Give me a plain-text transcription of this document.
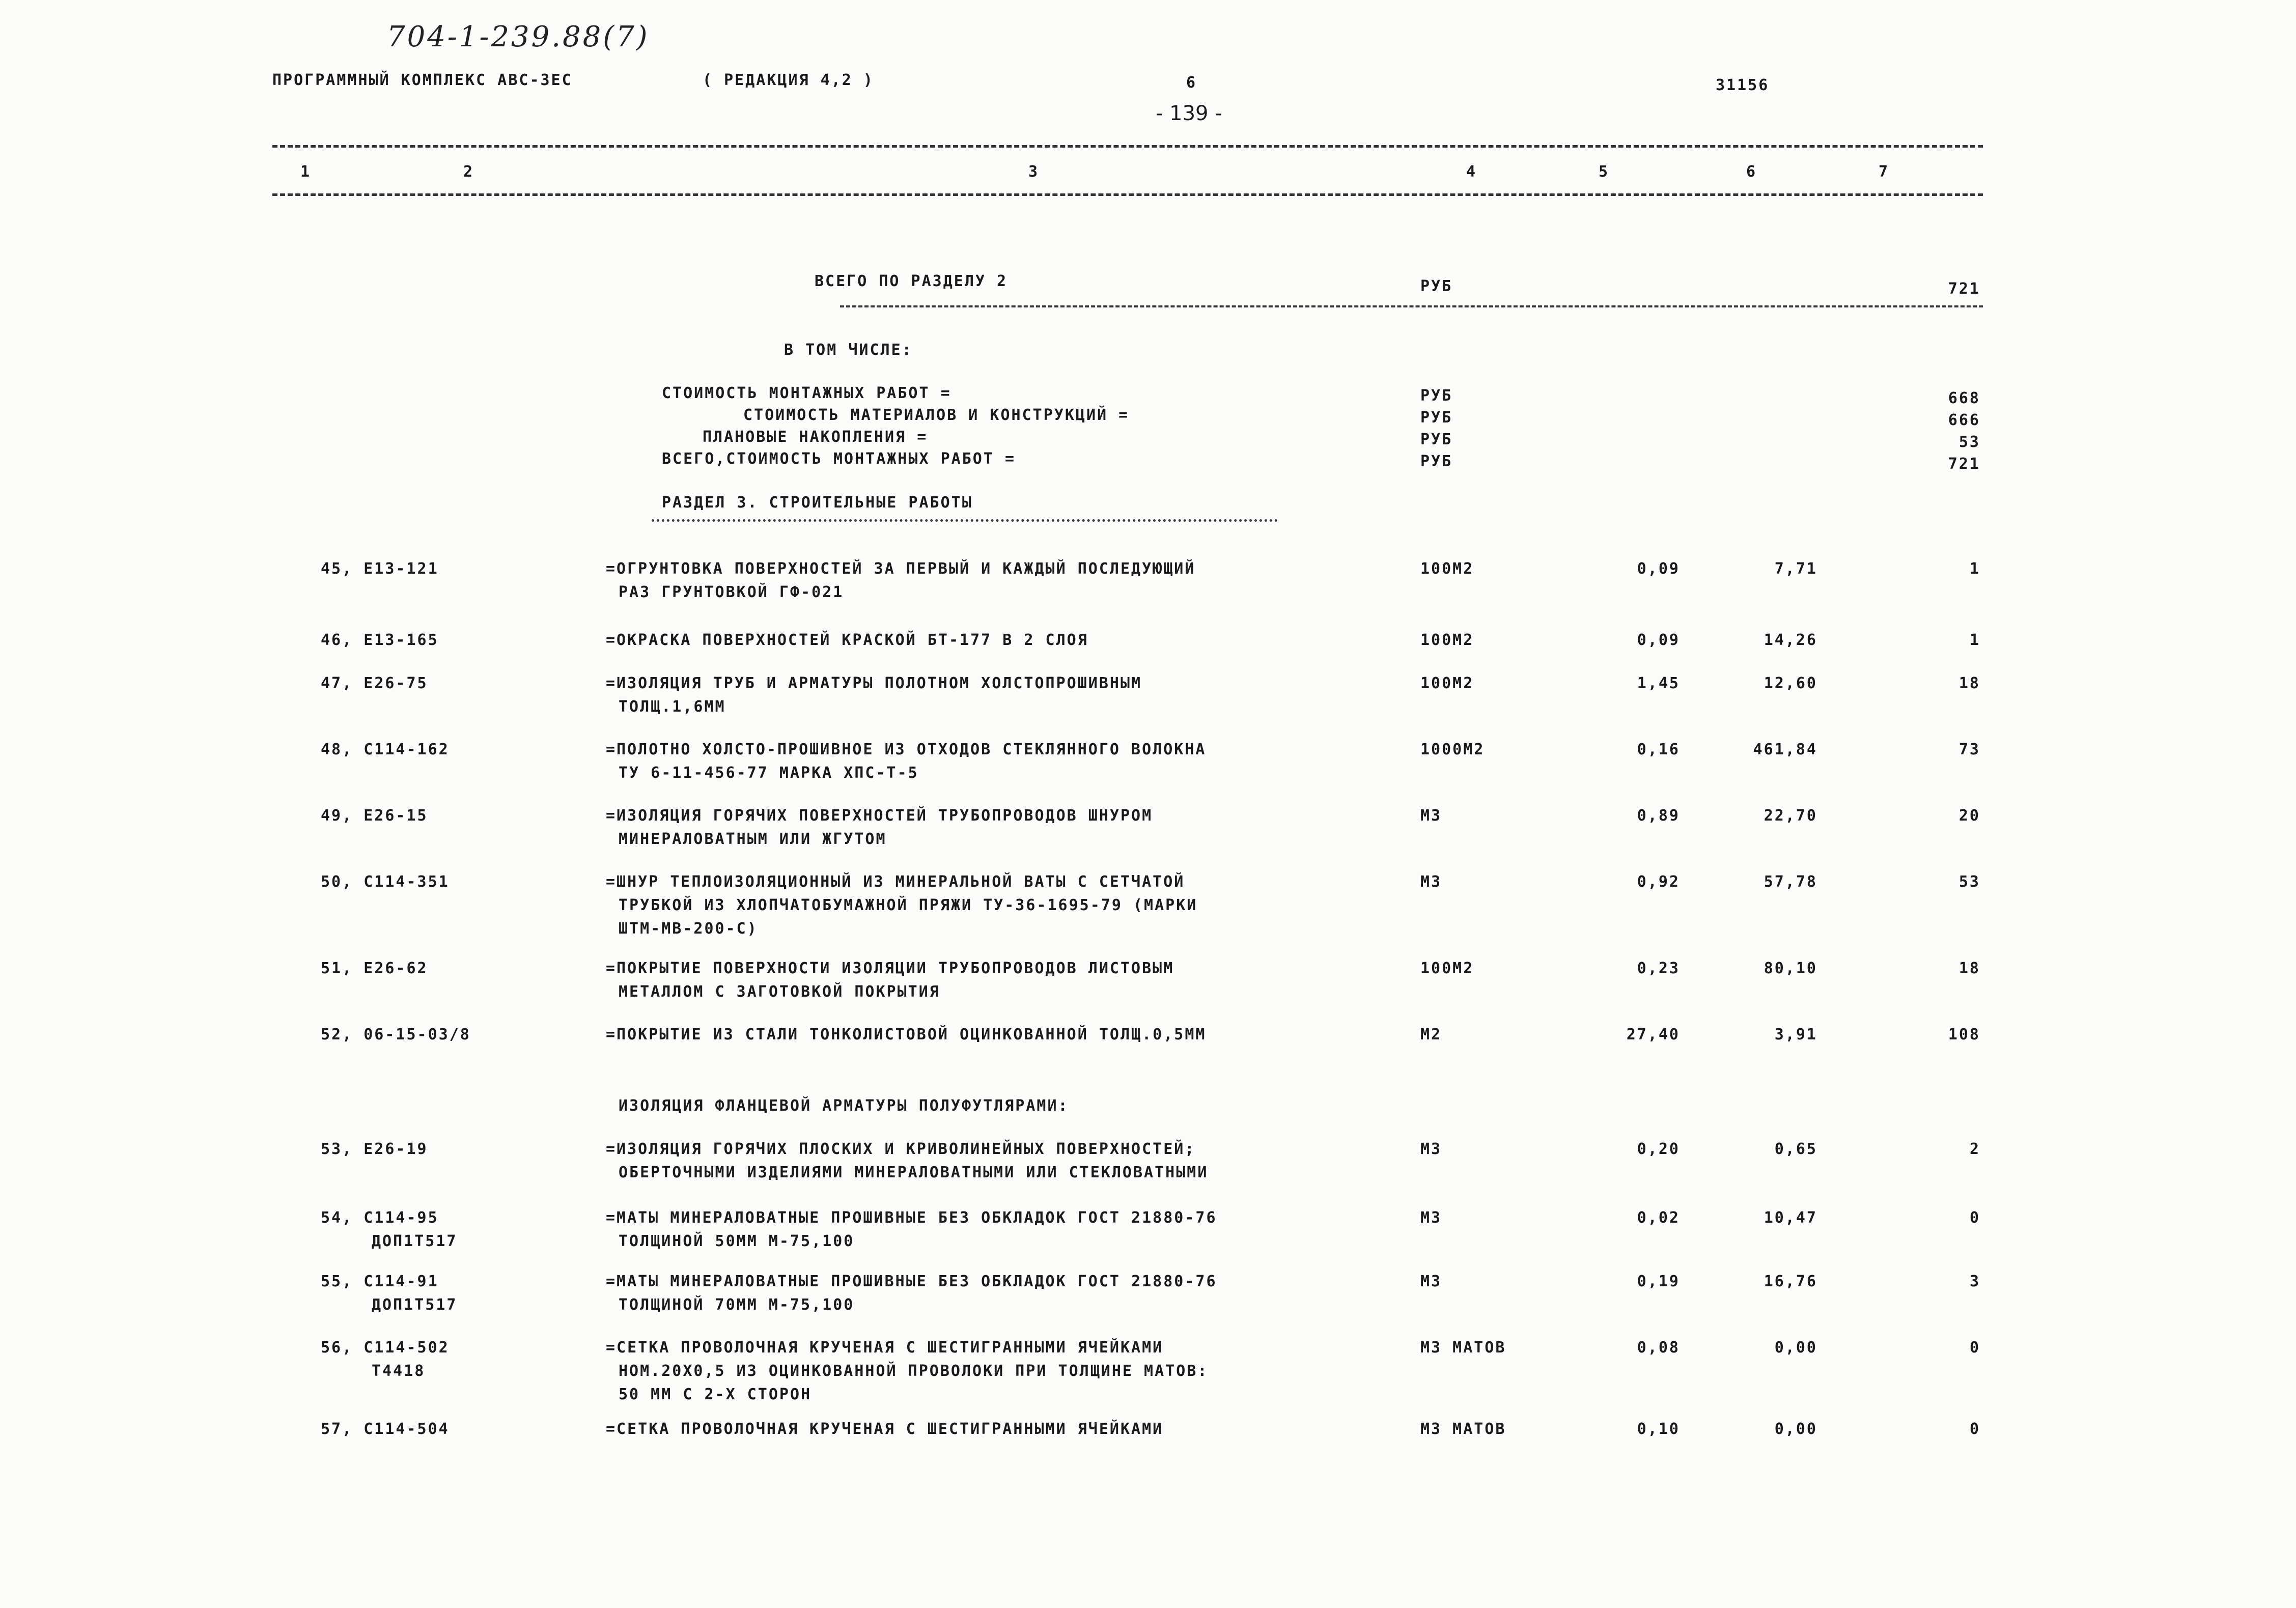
704-1-239.88(7)
ПРОГРАММНЫЙ КОМПЛЕКС АВС-3ЕС	( РЕДАКЦИЯ 4,2 )	6	31156
- 139 -
1	2	3	4	5	6	7
ВСЕГО ПО РАЗДЕЛУ 2	РУБ	721
В ТОМ ЧИСЛЕ:
СТОИМОСТЬ МОНТАЖНЫХ РАБОТ =	РУБ	668
СТОИМОСТЬ МАТЕРИАЛОВ И КОНСТРУКЦИЙ =	РУБ	666
ПЛАНОВЫЕ НАКОПЛЕНИЯ =	РУБ	53
ВСЕГО,СТОИМОСТЬ МОНТАЖНЫХ РАБОТ =	РУБ	721
РАЗДЕЛ 3. СТРОИТЕЛЬНЫЕ РАБОТЫ
45, Е13-121	=ОГРУНТОВКА ПОВЕРХНОСТЕЙ ЗА ПЕРВЫЙ И КАЖДЫЙ ПОСЛЕДУЮЩИЙ
РАЗ ГРУНТОВКОЙ ГФ-021
100М2	0,09	7,71	1
46, Е13-165	=ОКРАСКА ПОВЕРХНОСТЕЙ КРАСКОЙ БТ-177 В 2 СЛОЯ	100М2	0,09	14,26	1
47, Е26-75	=ИЗОЛЯЦИЯ ТРУБ И АРМАТУРЫ ПОЛОТНОМ ХОЛСТОПРОШИВНЫМ
ТОЛЩ.1,6ММ
100М2	1,45	12,60	18
48, С114-162	=ПОЛОТНО ХОЛСТО-ПРОШИВНОЕ ИЗ ОТХОДОВ СТЕКЛЯННОГО ВОЛОКНА
ТУ 6-11-456-77 МАРКА ХПС-Т-5
1000М2	0,16	461,84	73
49, Е26-15	=ИЗОЛЯЦИЯ ГОРЯЧИХ ПОВЕРХНОСТЕЙ ТРУБОПРОВОДОВ ШНУРОМ
МИНЕРАЛОВАТНЫМ ИЛИ ЖГУТОМ
М3	0,89	22,70	20
50, С114-351	=ШНУР ТЕПЛОИЗОЛЯЦИОННЫЙ ИЗ МИНЕРАЛЬНОЙ ВАТЫ С СЕТЧАТОЙ
ТРУБКОЙ ИЗ ХЛОПЧАТОБУМАЖНОЙ ПРЯЖИ ТУ-36-1695-79 (МАРКИ
ШТМ-МВ-200-С)
М3	0,92	57,78	53
51, Е26-62	=ПОКРЫТИЕ ПОВЕРХНОСТИ ИЗОЛЯЦИИ ТРУБОПРОВОДОВ ЛИСТОВЫМ
МЕТАЛЛОМ С ЗАГОТОВКОЙ ПОКРЫТИЯ
100М2	0,23	80,10	18
52, 06-15-03/8	=ПОКРЫТИЕ ИЗ СТАЛИ ТОНКОЛИСТОВОЙ ОЦИНКОВАННОЙ ТОЛЩ.0,5ММ	М2	27,40	3,91	108
53, Е26-19	=ИЗОЛЯЦИЯ ГОРЯЧИХ ПЛОСКИХ И КРИВОЛИНЕЙНЫХ ПОВЕРХНОСТЕЙ;
ОБЕРТОЧНЫМИ ИЗДЕЛИЯМИ МИНЕРАЛОВАТНЫМИ ИЛИ СТЕКЛОВАТНЫМИ
М3	0,20	0,65	2
54, С114-95
ДОП1Т517
=МАТЫ МИНЕРАЛОВАТНЫЕ ПРОШИВНЫЕ БЕЗ ОБКЛАДОК ГОСТ 21880-76
ТОЛЩИНОЙ 50ММ М-75,100
М3	0,02	10,47	0
55, С114-91
ДОП1Т517
=МАТЫ МИНЕРАЛОВАТНЫЕ ПРОШИВНЫЕ БЕЗ ОБКЛАДОК ГОСТ 21880-76
ТОЛЩИНОЙ 70ММ М-75,100
М3	0,19	16,76	3
56, С114-502
Т4418
=СЕТКА ПРОВОЛОЧНАЯ КРУЧЕНАЯ С ШЕСТИГРАННЫМИ ЯЧЕЙКАМИ
НОМ.20Х0,5 ИЗ ОЦИНКОВАННОЙ ПРОВОЛОКИ ПРИ ТОЛЩИНЕ МАТОВ:
50 ММ С 2-Х СТОРОН
М3 МАТОВ	0,08	0,00	0
57, С114-504	=СЕТКА ПРОВОЛОЧНАЯ КРУЧЕНАЯ С ШЕСТИГРАННЫМИ ЯЧЕЙКАМИ	М3 МАТОВ	0,10	0,00	0
ИЗОЛЯЦИЯ ФЛАНЦЕВОЙ АРМАТУРЫ ПОЛУФУТЛЯРАМИ:
